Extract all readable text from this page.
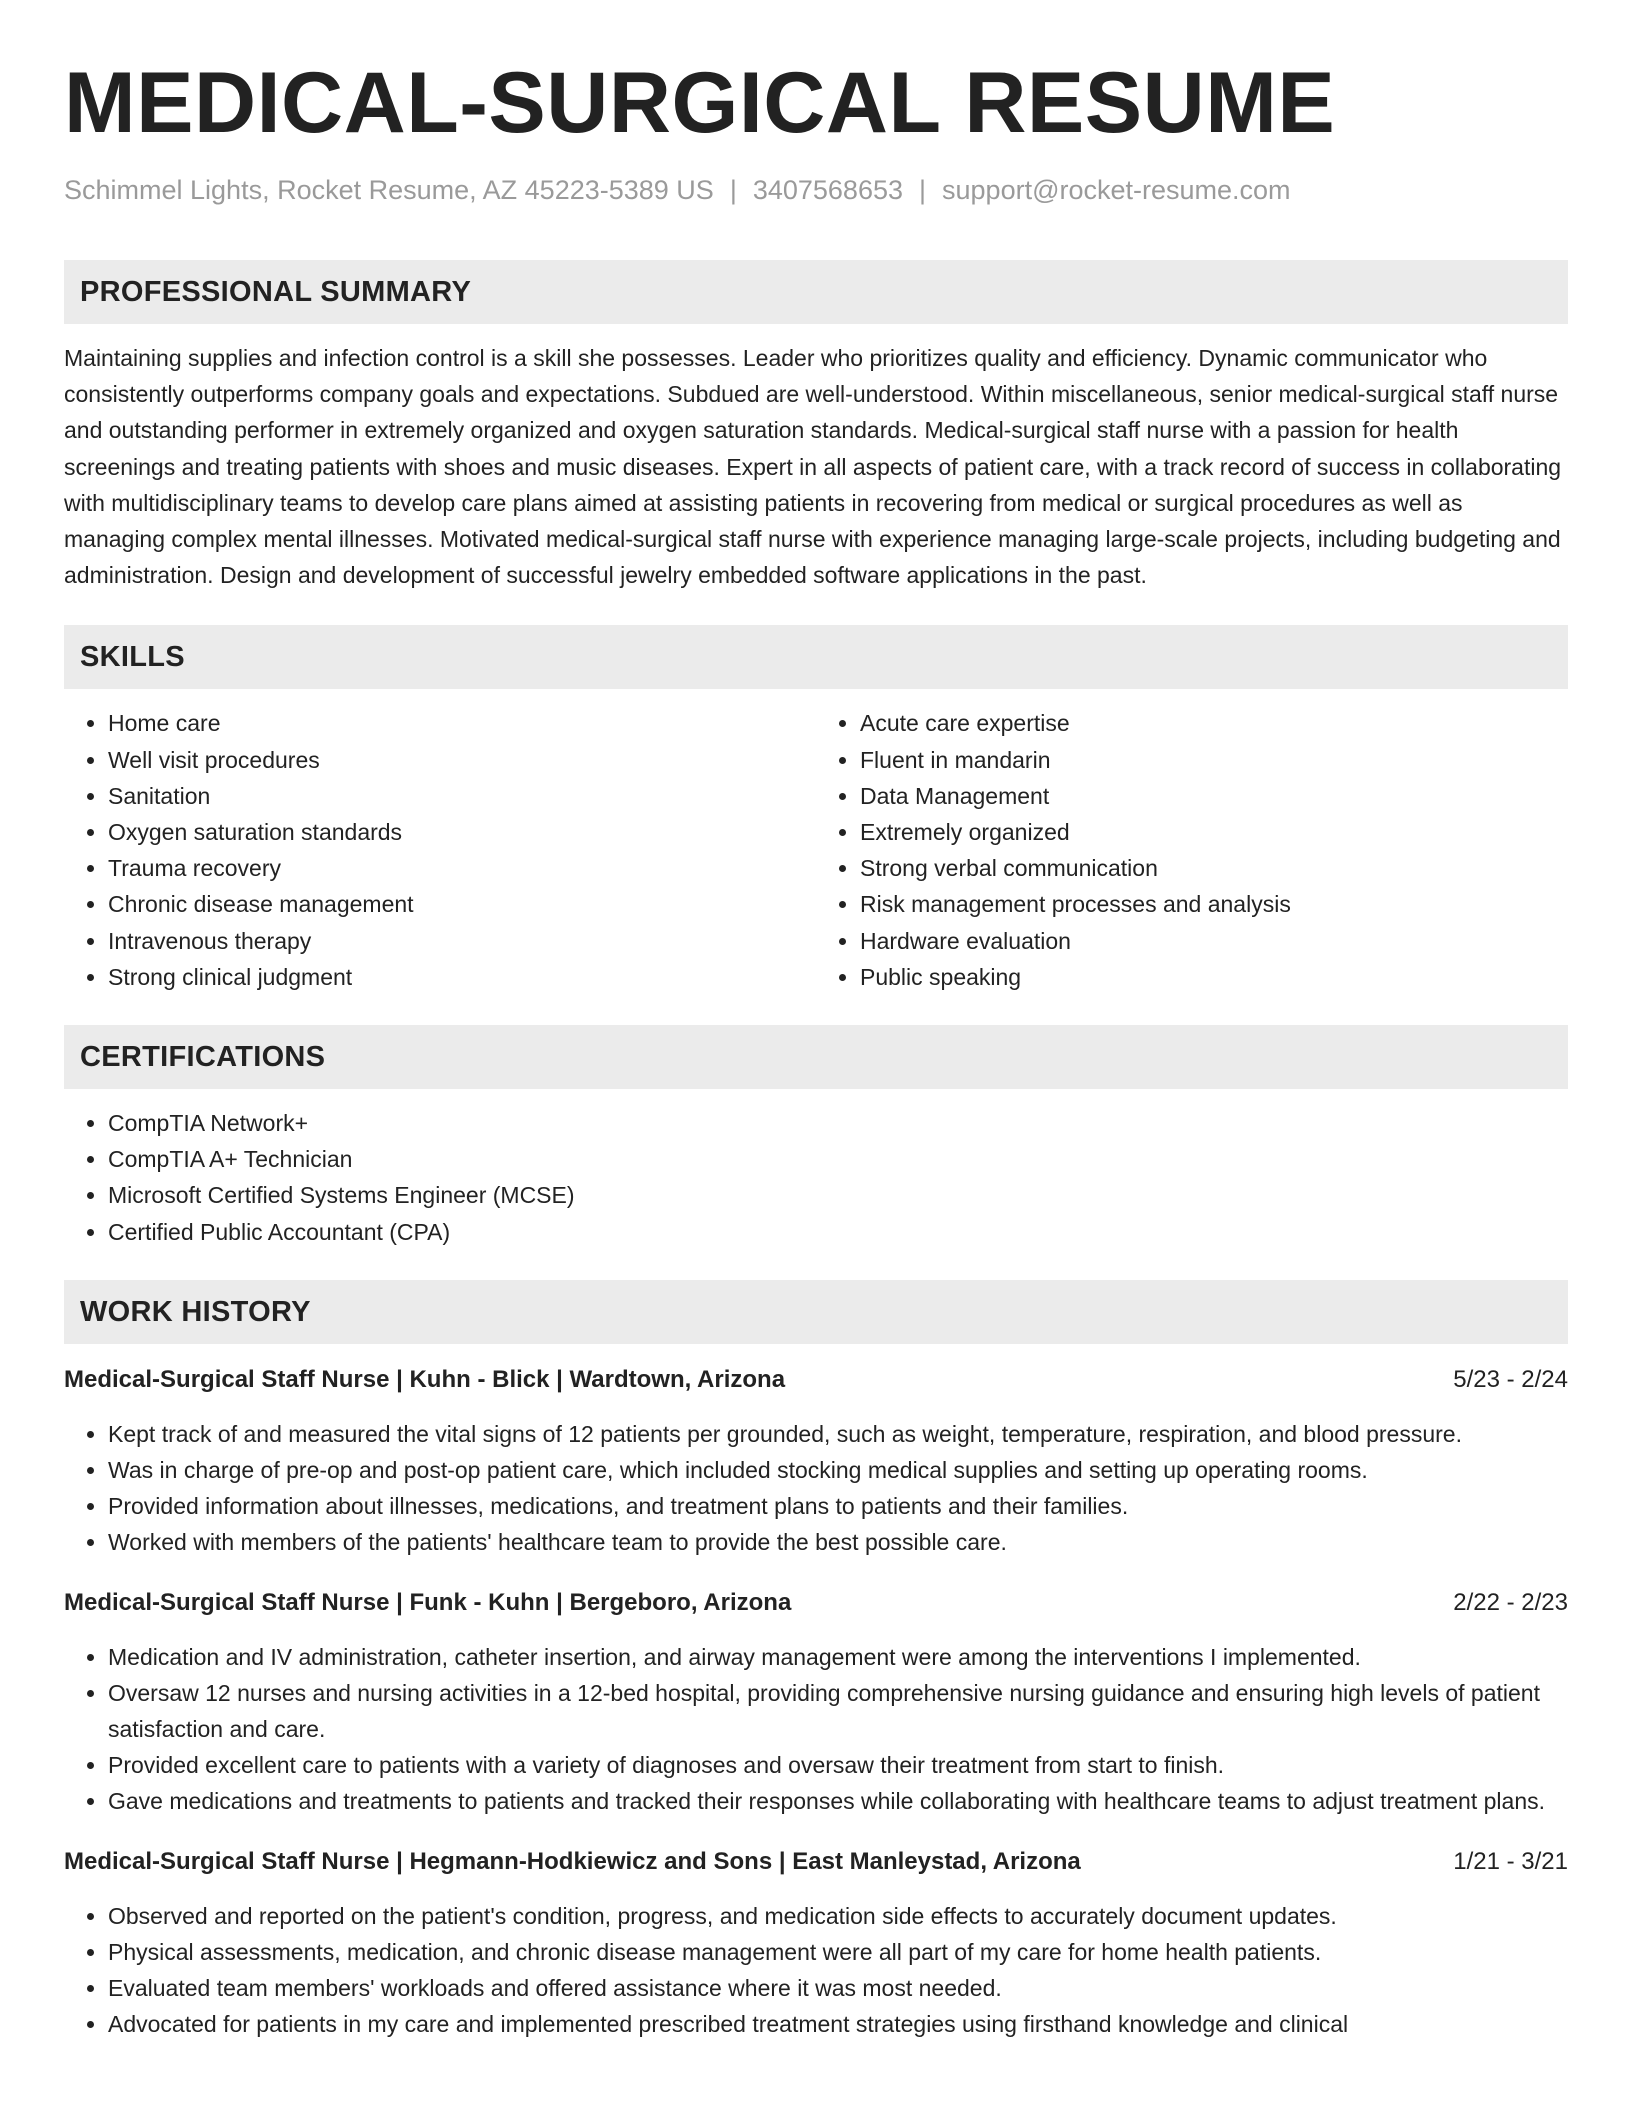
MEDICAL-SURGICAL RESUME
Schimmel Lights, Rocket Resume, AZ 45223-5389 US | 3407568653 | support@rocket-resume.com
PROFESSIONAL SUMMARY
Maintaining supplies and infection control is a skill she possesses. Leader who prioritizes quality and efficiency. Dynamic communicator who consistently outperforms company goals and expectations. Subdued are well-understood. Within miscellaneous, senior medical-surgical staff nurse and outstanding performer in extremely organized and oxygen saturation standards. Medical-surgical staff nurse with a passion for health screenings and treating patients with shoes and music diseases. Expert in all aspects of patient care, with a track record of success in collaborating with multidisciplinary teams to develop care plans aimed at assisting patients in recovering from medical or surgical procedures as well as managing complex mental illnesses. Motivated medical-surgical staff nurse with experience managing large-scale projects, including budgeting and administration. Design and development of successful jewelry embedded software applications in the past.
SKILLS
• Home care
• Well visit procedures
• Sanitation
• Oxygen saturation standards
• Trauma recovery
• Chronic disease management
• Intravenous therapy
• Strong clinical judgment
• Acute care expertise
• Fluent in mandarin
• Data Management
• Extremely organized
• Strong verbal communication
• Risk management processes and analysis
• Hardware evaluation
• Public speaking
CERTIFICATIONS
• CompTIA Network+
• CompTIA A+ Technician
• Microsoft Certified Systems Engineer (MCSE)
• Certified Public Accountant (CPA)
WORK HISTORY
Medical-Surgical Staff Nurse | Kuhn - Blick | Wardtown, Arizona	5/23 - 2/24
• Kept track of and measured the vital signs of 12 patients per grounded, such as weight, temperature, respiration, and blood pressure.
• Was in charge of pre-op and post-op patient care, which included stocking medical supplies and setting up operating rooms.
• Provided information about illnesses, medications, and treatment plans to patients and their families.
• Worked with members of the patients' healthcare team to provide the best possible care.
Medical-Surgical Staff Nurse | Funk - Kuhn | Bergeboro, Arizona	2/22 - 2/23
• Medication and IV administration, catheter insertion, and airway management were among the interventions I implemented.
• Oversaw 12 nurses and nursing activities in a 12-bed hospital, providing comprehensive nursing guidance and ensuring high levels of patient satisfaction and care.
• Provided excellent care to patients with a variety of diagnoses and oversaw their treatment from start to finish.
• Gave medications and treatments to patients and tracked their responses while collaborating with healthcare teams to adjust treatment plans.
Medical-Surgical Staff Nurse | Hegmann-Hodkiewicz and Sons | East Manleystad, Arizona	1/21 - 3/21
• Observed and reported on the patient's condition, progress, and medication side effects to accurately document updates.
• Physical assessments, medication, and chronic disease management were all part of my care for home health patients.
• Evaluated team members' workloads and offered assistance where it was most needed.
• Advocated for patients in my care and implemented prescribed treatment strategies using firsthand knowledge and clinical
